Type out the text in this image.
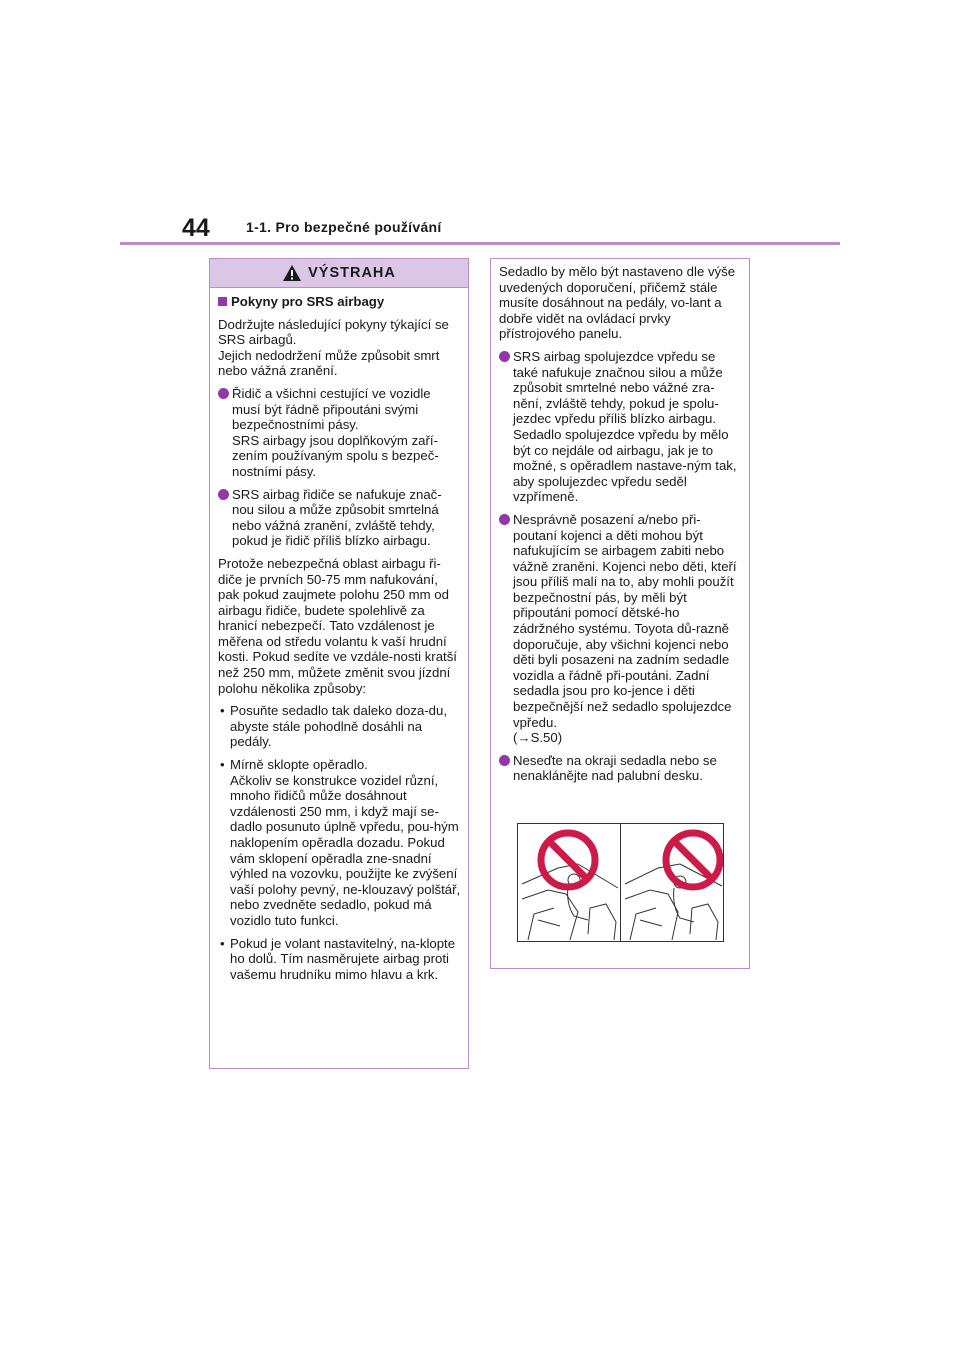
44	1-1. Pro bezpečné používání
VÝSTRAHA
Pokyny pro SRS airbagy

Dodržujte následující pokyny týkající se SRS airbagů.
Jejich nedodržení může způsobit smrt nebo vážná zranění.

Řidič a všichni cestující ve vozidle musí být řádně připoutáni svými bezpečnostními pásy.
SRS airbagy jsou doplňkovým zaří-zením používaným spolu s bezpeč-nostními pásy.
SRS airbag řidiče se nafukuje znač-nou silou a může způsobit smrtelná nebo vážná zranění, zvláště tehdy, pokud je řidič příliš blízko airbagu.

Protože nebezpečná oblast airbagu ři-diče je prvních 50-75 mm nafukování, pak pokud zaujmete polohu 250 mm od airbagu řidiče, budete spolehlivě za hranicí nebezpečí. Tato vzdálenost je měřena od středu volantu k vaší hrudní kosti. Pokud sedíte ve vzdále-nosti kratší než 250 mm, můžete změnit svou jízdní polohu několika způsoby:

• Posuňte sedadlo tak daleko doza-du, abyste stále pohodlně dosáhli na pedály.
• Mírně sklopte opěradlo.
Ačkoliv se konstrukce vozidel různí, mnoho řidičů může dosáhnout vzdálenosti 250 mm, i když mají se-dadlo posunuto úplně vpředu, pou-hým naklopením opěradla dozadu. Pokud vám sklopení opěradla zne-snadní výhled na vozovku, použijte ke zvýšení vaší polohy pevný, ne-klouzavý polštář, nebo zvedněte sedadlo, pokud má vozidlo tuto funkci.
• Pokud je volant nastavitelný, na-klopte ho dolů. Tím nasměrujete airbag proti vašemu hrudníku mimo hlavu a krk.

Sedadlo by mělo být nastaveno dle výše uvedených doporučení, přičemž stále musíte dosáhnout na pedály, vo-lant a dobře vidět na ovládací prvky přístrojového panelu.

SRS airbag spolujezdce vpředu se také nafukuje značnou silou a může způsobit smrtelné nebo vážné zra-nění, zvláště tehdy, pokud je spolu-jezdec vpředu příliš blízko airbagu. Sedadlo spolujezdce vpředu by mělo být co nejdále od airbagu, jak je to možné, s opěradlem nastave-ným tak, aby spolujezdec vpředu seděl vzpřímeně.
Nesprávně posazení a/nebo při-poutaní kojenci a děti mohou být nafukujícím se airbagem zabiti nebo vážně zraněni. Kojenci nebo děti, kteří jsou příliš malí na to, aby mohli použít bezpečnostní pás, by měli být připoutáni pomocí dětské-ho zádržného systému. Toyota dů-razně doporučuje, aby všichni kojenci nebo děti byli posazeni na zadním sedadle vozidla a řádně při-poutáni. Zadní sedadla jsou pro ko-jence i děti bezpečnější než sedadlo spolujezdce vpředu.
(→S.50)
Neseďte na okraji sedadla nebo se nenaklánějte nad palubní desku.
